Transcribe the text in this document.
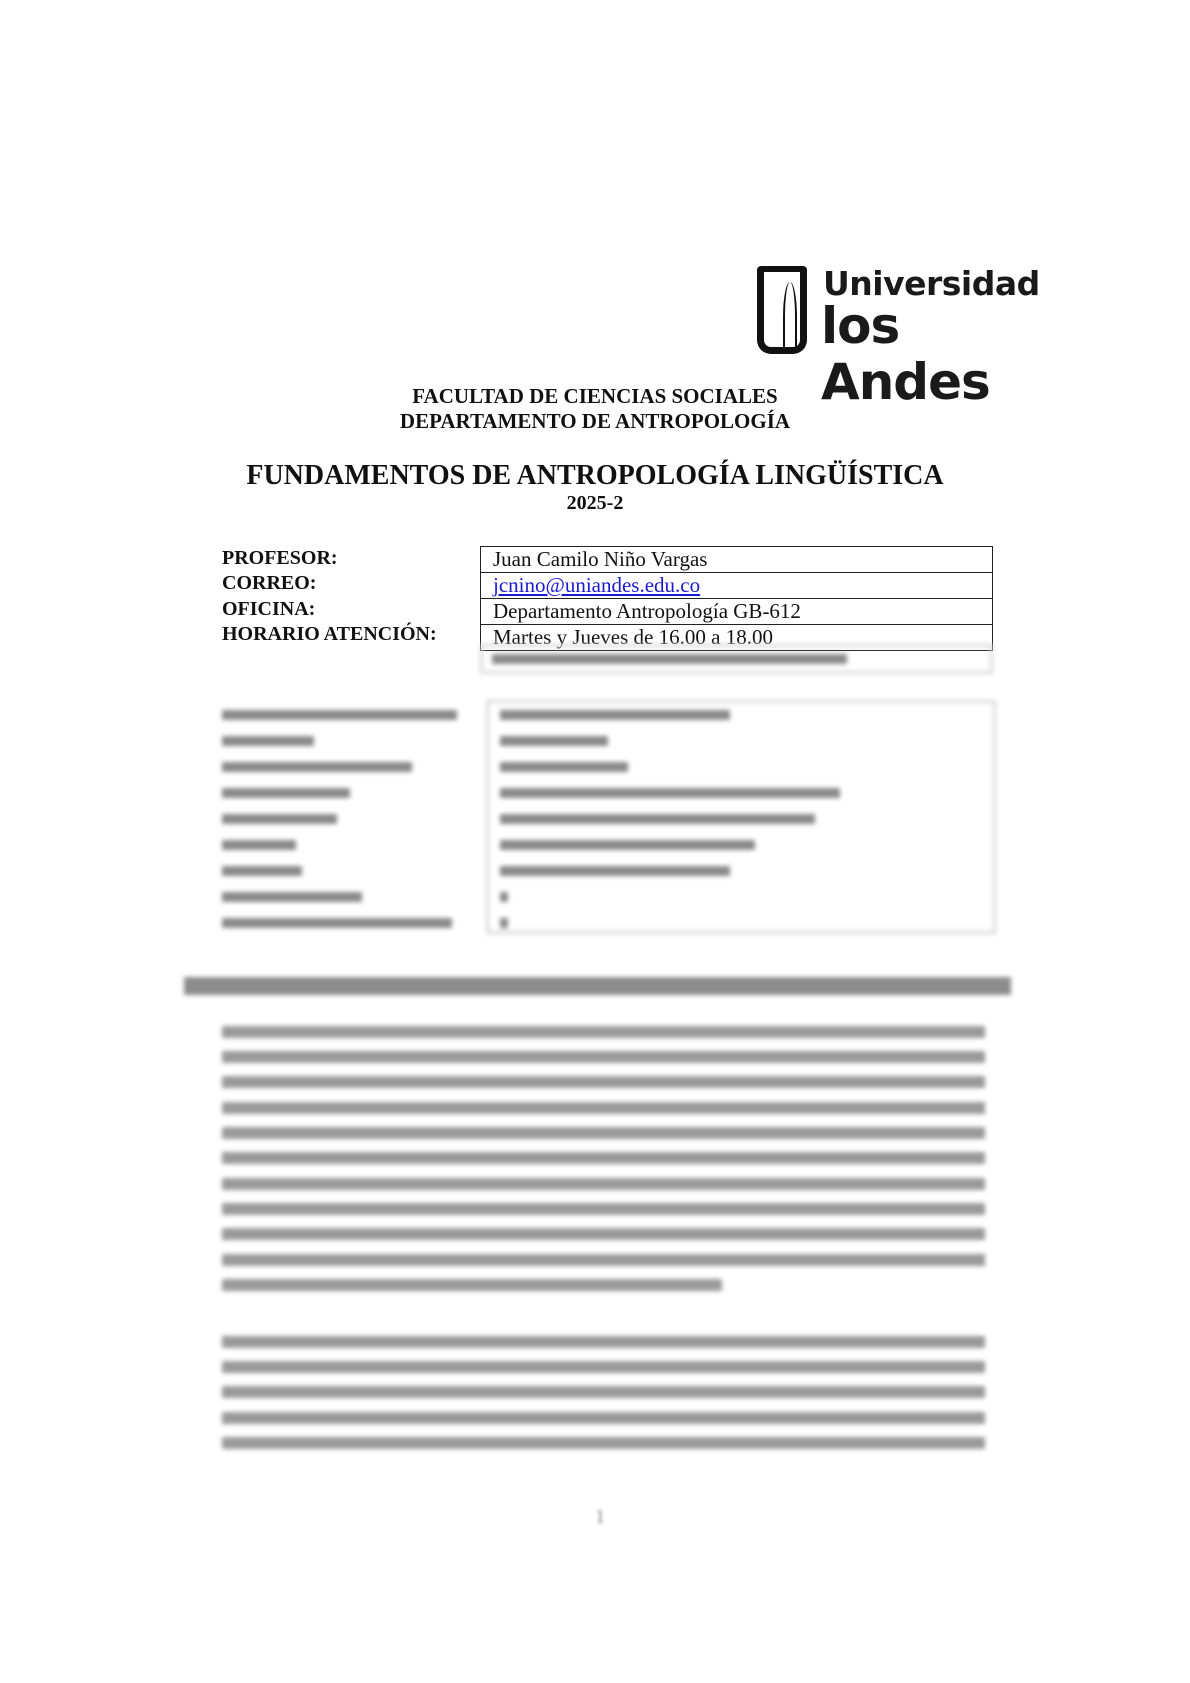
Universidad
los Andes
FACULTAD DE CIENCIAS SOCIALES
DEPARTAMENTO DE ANTROPOLOGÍA
FUNDAMENTOS DE ANTROPOLOGÍA LINGÜÍSTICA
2025-2
PROFESOR:
CORREO:
OFICINA:
HORARIO ATENCIÓN:
Juan Camilo Niño Vargas
jcnino@uniandes.edu.co
Departamento Antropología GB-612
Martes y Jueves de 16.00 a 18.00
1
